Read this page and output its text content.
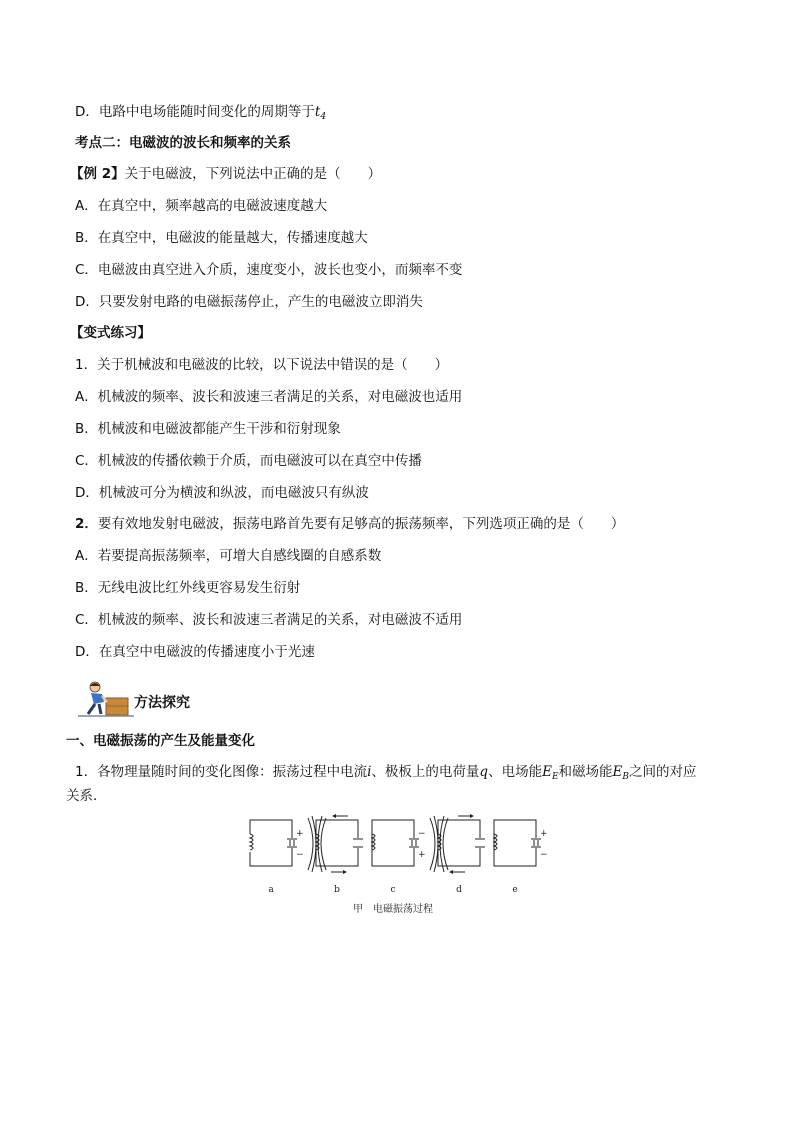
D．电路中电场能随时间变化的周期等于$t_4$
考点二：电磁波的波长和频率的关系
【例 2】关于电磁波，下列说法中正确的是（　　）
A．在真空中，频率越高的电磁波速度越大
B．在真空中，电磁波的能量越大，传播速度越大
C．电磁波由真空进入介质，速度变小，波长也变小，而频率不变
D．只要发射电路的电磁振荡停止，产生的电磁波立即消失
【变式练习】
1．关于机械波和电磁波的比较，以下说法中错误的是（　　）
A．机械波的频率、波长和波速三者满足的关系，对电磁波也适用
B．机械波和电磁波都能产生干涉和衍射现象
C．机械波的传播依赖于介质，而电磁波可以在真空中传播
D．机械波可分为横波和纵波，而电磁波只有纵波
2．要有效地发射电磁波，振荡电路首先要有足够高的振荡频率，下列选项正确的是（　　）
A．若要提高振荡频率，可增大自感线圈的自感系数
B．无线电波比红外线更容易发生衍射
C．机械波的频率、波长和波速三者满足的关系，对电磁波不适用
D．在真空中电磁波的传播速度小于光速
方法探究
一、电磁振荡的产生及能量变化
1．各物理量随时间的变化图像：振荡过程中电流i、极板上的电荷量q、电场能$E_E$和磁场能$E_B$之间的对应
关系．
+
−
−
+
+
−
a	b	c	d	e
甲　电磁振荡过程
